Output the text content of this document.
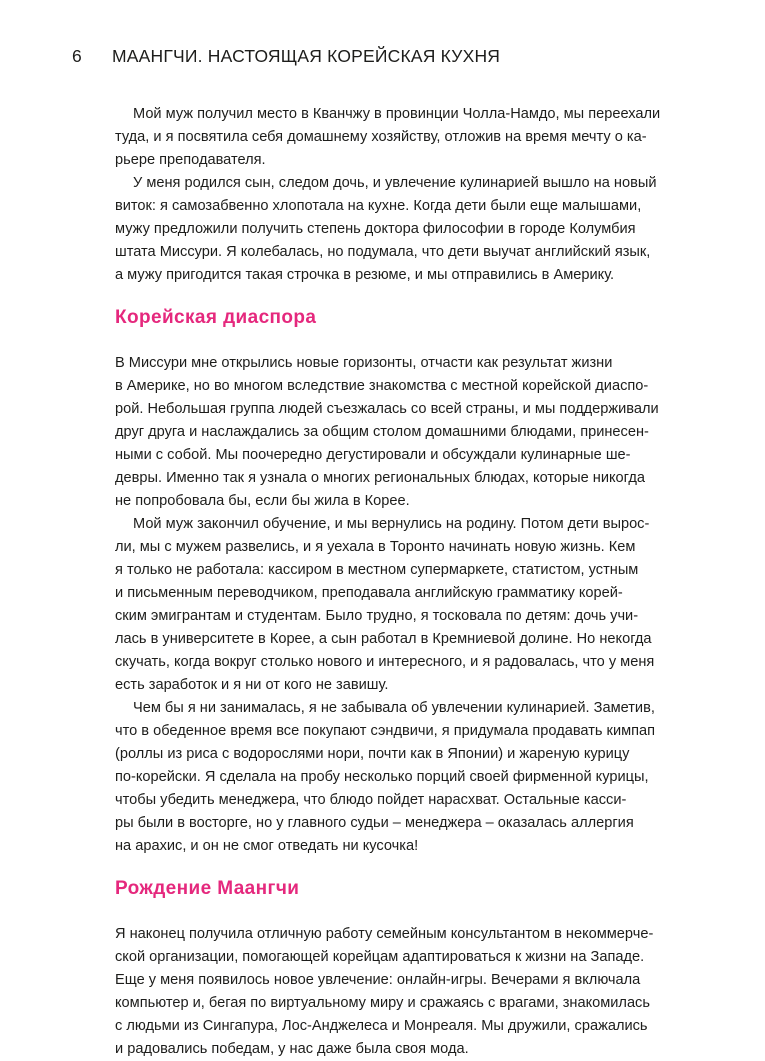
6 МААНГЧИ. НАСТОЯЩАЯ КОРЕЙСКАЯ КУХНЯ
Мой муж получил место в Кванчжу в провинции Чолла-Намдо, мы переехали
туда, и я посвятила себя домашнему хозяйству, отложив на время мечту о ка-
рьере преподавателя.
У меня родился сын, следом дочь, и увлечение кулинарией вышло на новый
виток: я самозабвенно хлопотала на кухне. Когда дети были еще малышами,
мужу предложили получить степень доктора философии в городе Колумбия
штата Миссури. Я колебалась, но подумала, что дети выучат английский язык,
а мужу пригодится такая строчка в резюме, и мы отправились в Америку.
Корейская диаспора
В Миссури мне открылись новые горизонты, отчасти как результат жизни
в Америке, но во многом вследствие знакомства с местной корейской диаспо-
рой. Небольшая группа людей съезжалась со всей страны, и мы поддерживали
друг друга и наслаждались за общим столом домашними блюдами, принесен-
ными с собой. Мы поочередно дегустировали и обсуждали кулинарные ше-
девры. Именно так я узнала о многих региональных блюдах, которые никогда
не попробовала бы, если бы жила в Корее.
Мой муж закончил обучение, и мы вернулись на родину. Потом дети вырос-
ли, мы с мужем развелись, и я уехала в Торонто начинать новую жизнь. Кем
я только не работала: кассиром в местном супермаркете, статистом, устным
и письменным переводчиком, преподавала английскую грамматику корей-
ским эмигрантам и студентам. Было трудно, я тосковала по детям: дочь учи-
лась в университете в Корее, а сын работал в Кремниевой долине. Но некогда
скучать, когда вокруг столько нового и интересного, и я радовалась, что у меня
есть заработок и я ни от кого не завишу.
Чем бы я ни занималась, я не забывала об увлечении кулинарией. Заметив,
что в обеденное время все покупают сэндвичи, я придумала продавать кимпап
(роллы из риса с водорослями нори, почти как в Японии) и жареную курицу
по-корейски. Я сделала на пробу несколько порций своей фирменной курицы,
чтобы убедить менеджера, что блюдо пойдет нарасхват. Остальные касси-
ры были в восторге, но у главного судьи – менеджера – оказалась аллергия
на арахис, и он не смог отведать ни кусочка!
Рождение Маангчи
Я наконец получила отличную работу семейным консультантом в некоммерче-
ской организации, помогающей корейцам адаптироваться к жизни на Западе.
Еще у меня появилось новое увлечение: онлайн-игры. Вечерами я включала
компьютер и, бегая по виртуальному миру и сражаясь с врагами, знакомилась
с людьми из Сингапура, Лос-Анджелеса и Монреаля. Мы дружили, сражались
и радовались победам, у нас даже была своя мода.
